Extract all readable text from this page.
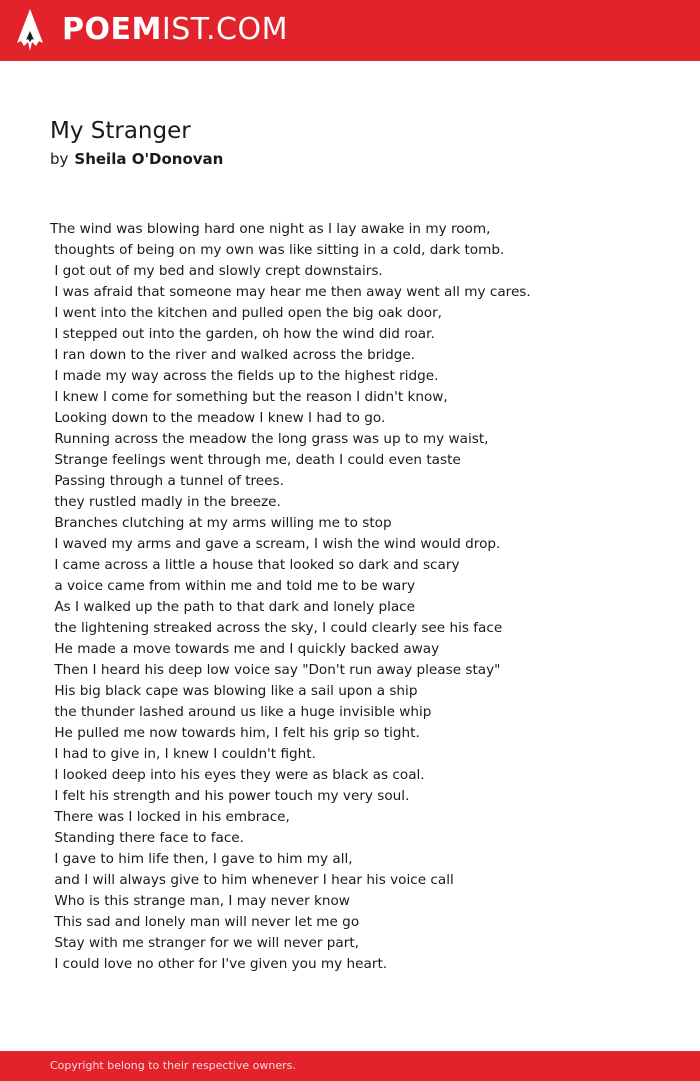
POEMIST.COM
My Stranger
by Sheila O'Donovan
The wind was blowing hard one night as I lay awake in my room,
thoughts of being on my own was like sitting in a cold, dark tomb.
I got out of my bed and slowly crept downstairs.
I was afraid that someone may hear me then away went all my cares.
I went into the kitchen and pulled open the big oak door,
I stepped out into the garden, oh how the wind did roar.
I ran down to the river and walked across the bridge.
I made my way across the fields up to the highest ridge.
I knew I come for something but the reason I didn't know,
Looking down to the meadow I knew I had to go.
Running across the meadow the long grass was up to my waist,
Strange feelings went through me, death I could even taste
Passing through a tunnel of trees.
they rustled madly in the breeze.
Branches clutching at my arms willing me to stop
I waved my arms and gave a scream, I wish the wind would drop.
I came across a little a house that looked so dark and scary
a voice came from within me and told me to be wary
As I walked up the path to that dark and lonely place
the lightening streaked across the sky, I could clearly see his face
He made a move towards me and I quickly backed away
Then I heard his deep low voice say "Don't run away please stay"
His big black cape was blowing like a sail upon a ship
the thunder lashed around us like a huge invisible whip
He pulled me now towards him, I felt his grip so tight.
I had to give in, I knew I couldn't fight.
I looked deep into his eyes they were as black as coal.
I felt his strength and his power touch my very soul.
There was I locked in his embrace,
Standing there face to face.
I gave to him life then, I gave to him my all,
and I will always give to him whenever I hear his voice call
Who is this strange man, I may never know
This sad and lonely man will never let me go
Stay with me stranger for we will never part,
I could love no other for I've given you my heart.
Copyright belong to their respective owners.
